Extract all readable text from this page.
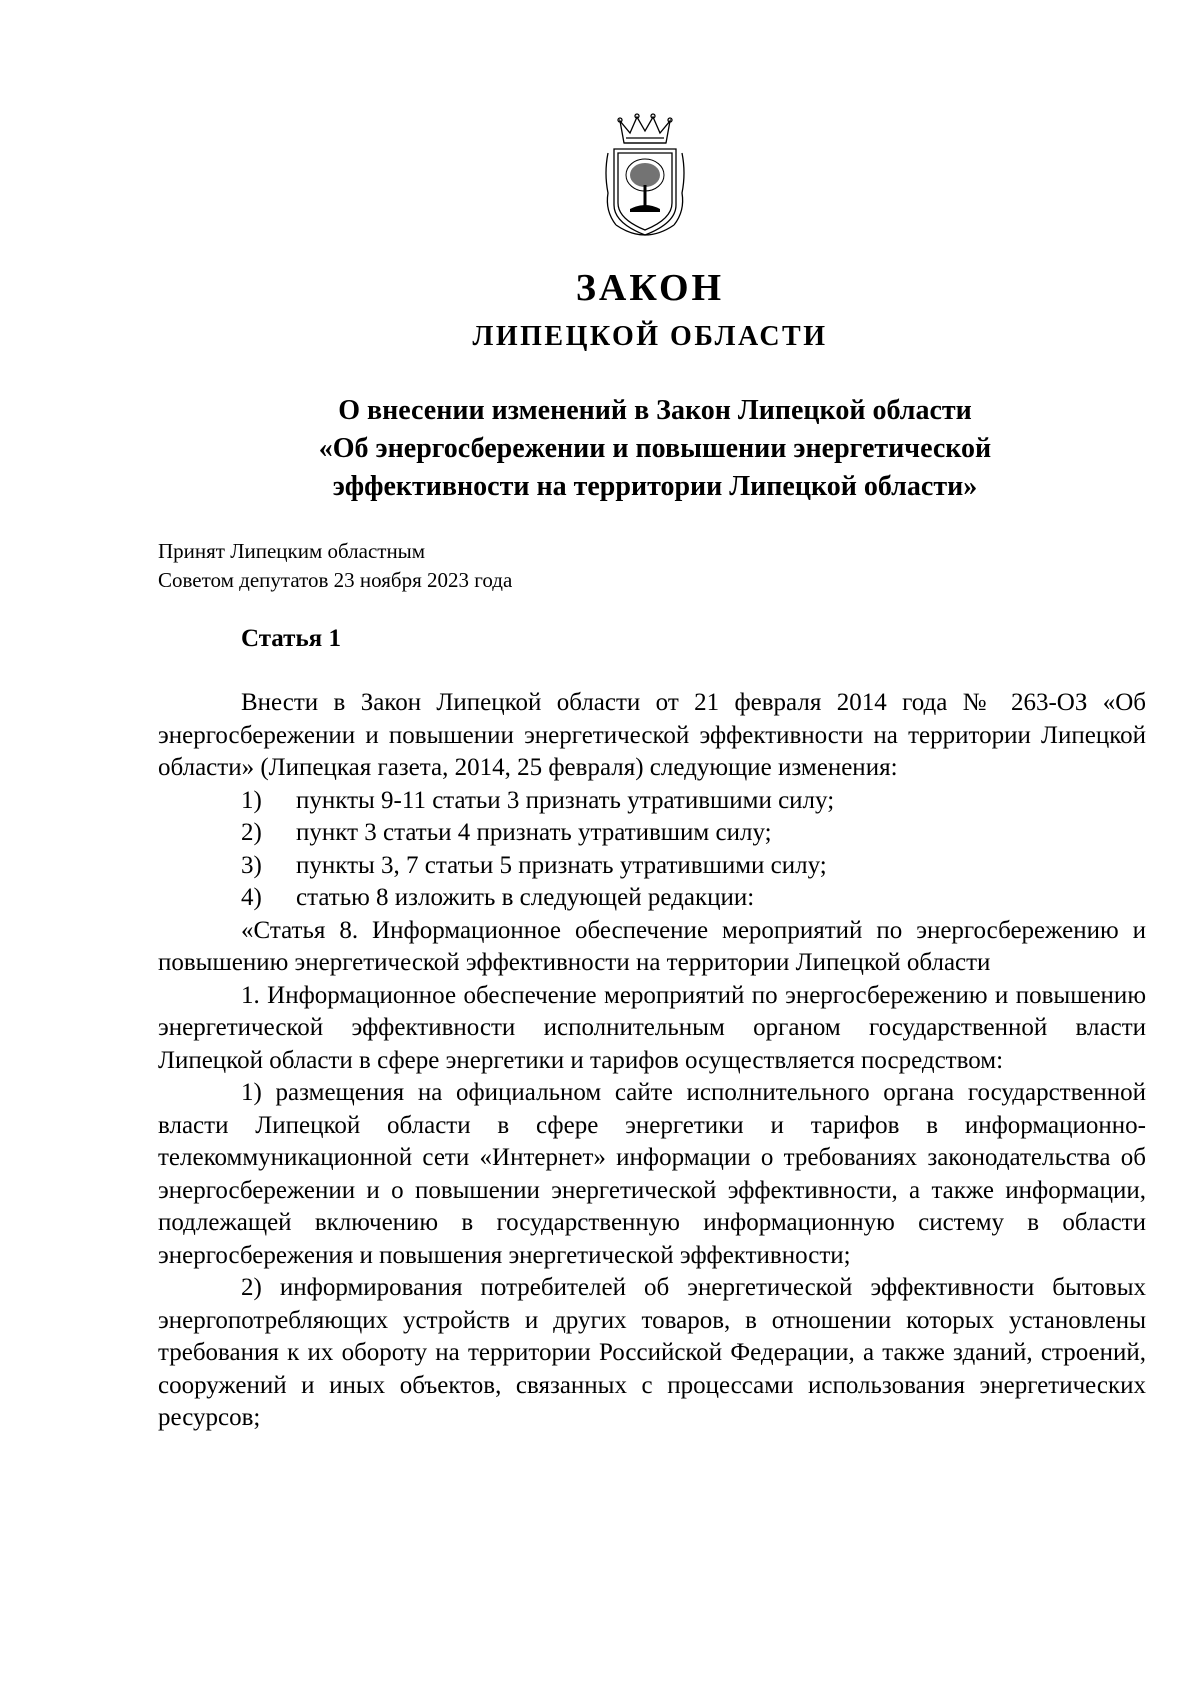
ЗАКОН
ЛИПЕЦКОЙ ОБЛАСТИ
О внесении изменений в Закон Липецкой области
«Об энергосбережении и повышении энергетической
эффективности на территории Липецкой области»
Принят Липецким областным
Советом депутатов 23 ноября 2023 года
Статья 1

Внести в Закон Липецкой области от 21 февраля 2014 года № 263-ОЗ «Об энергосбережении и повышении энергетической эффективности на территории Липецкой области» (Липецкая газета, 2014, 25 февраля) следующие изменения:

1) пункты 9-11 статьи 3 признать утратившими силу;

2) пункт 3 статьи 4 признать утратившим силу;

3) пункты 3, 7 статьи 5 признать утратившими силу;

4) статью 8 изложить в следующей редакции:

«Статья 8. Информационное обеспечение мероприятий по энергосбережению и повышению энергетической эффективности на территории Липецкой области

1. Информационное обеспечение мероприятий по энергосбережению и повышению энергетической эффективности исполнительным органом государственной власти Липецкой области в сфере энергетики и тарифов осуществляется посредством:

1) размещения на официальном сайте исполнительного органа государственной власти Липецкой области в сфере энергетики и тарифов в информационно-телекоммуникационной сети «Интернет» информации о требованиях законодательства об энергосбережении и о повышении энергетической эффективности, а также информации, подлежащей включению в государственную информационную систему в области энергосбережения и повышения энергетической эффективности;

2) информирования потребителей об энергетической эффективности бытовых энергопотребляющих устройств и других товаров, в отношении которых установлены требования к их обороту на территории Российской Федерации, а также зданий, строений, сооружений и иных объектов, связанных с процессами использования энергетических ресурсов;
